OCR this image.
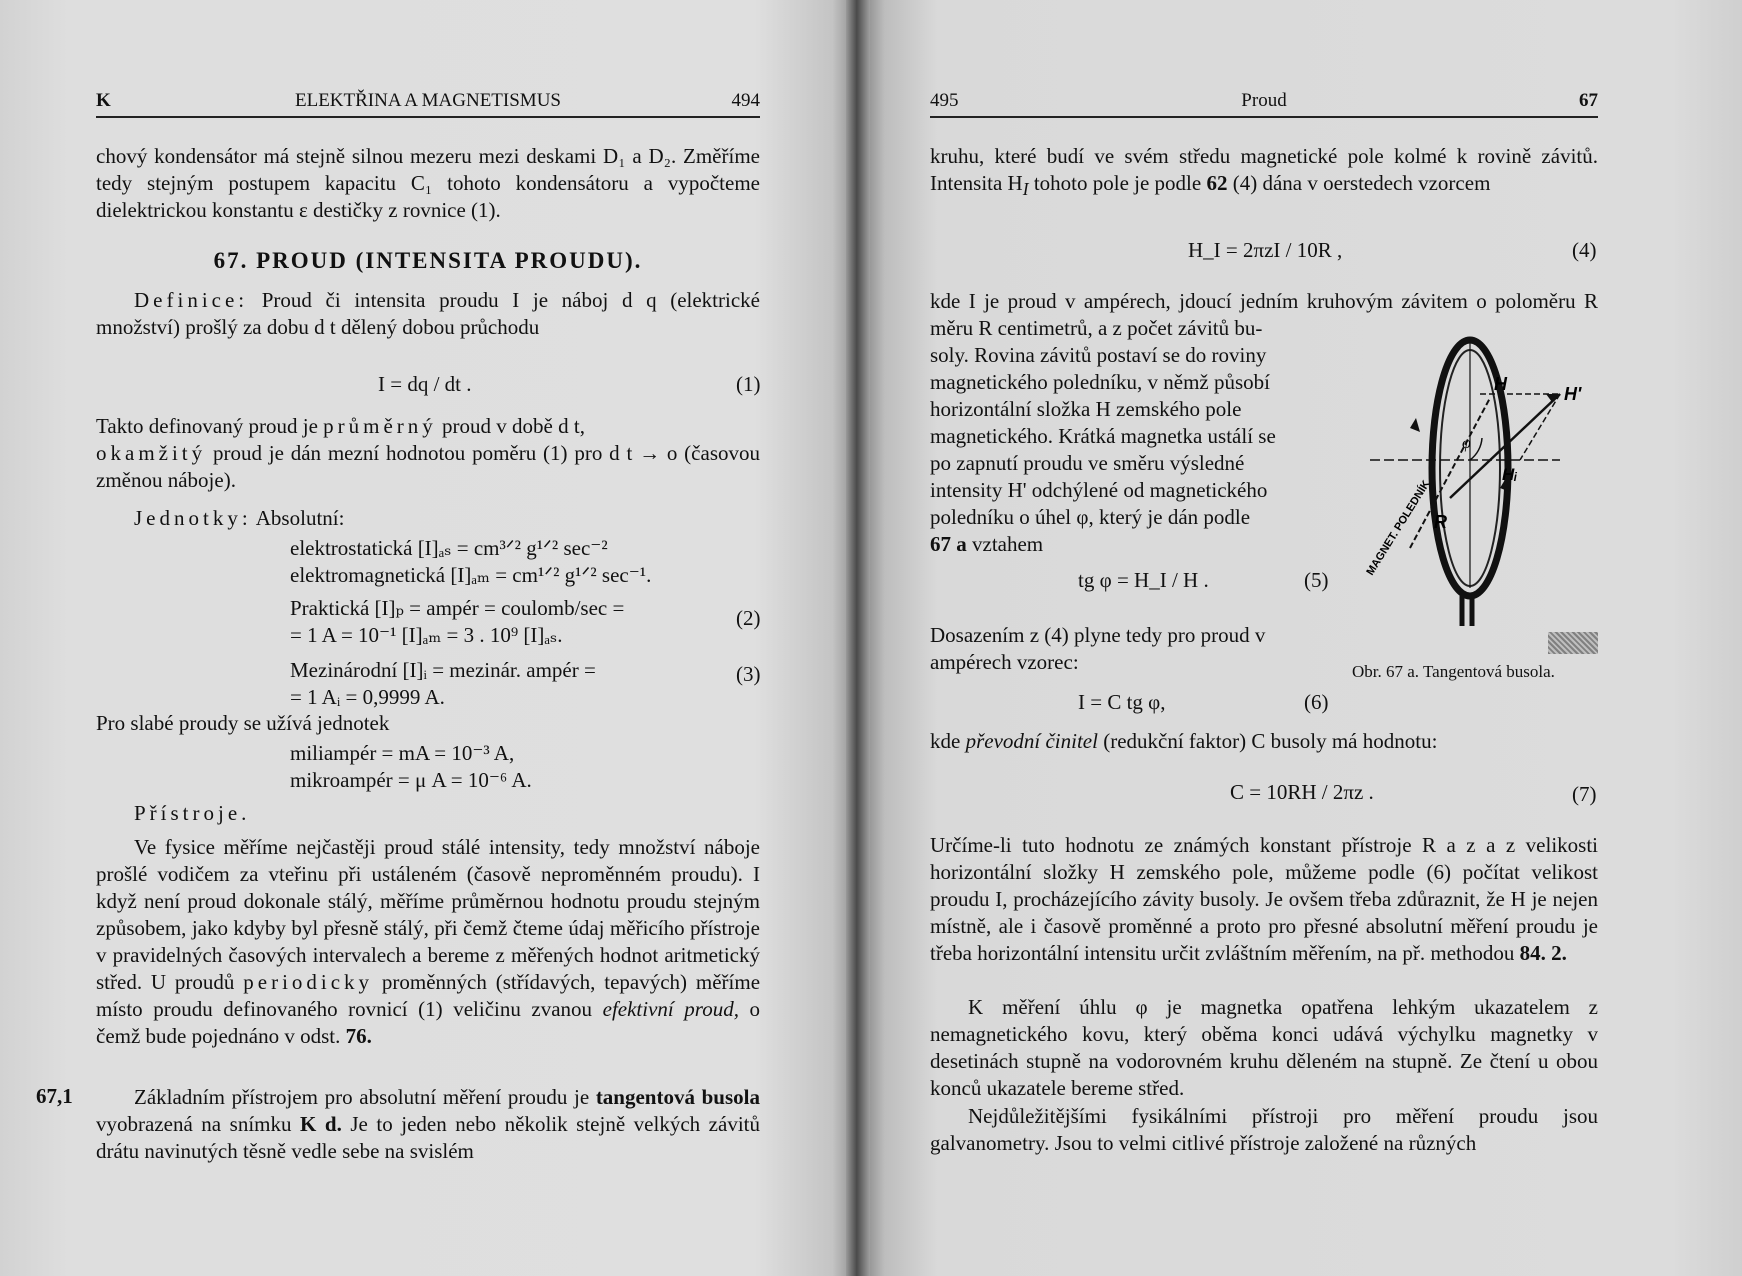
K	ELEKTŘINA A MAGNETISMUS	494

chový kondensátor má stejně silnou mezeru mezi deskami D₁ a D₂. Změříme tedy stejným postupem kapacitu C₁ tohoto kondensátoru a vypočteme dielektrickou konstantu ε destičky z rovnice (1).

67. PROUD (INTENSITA PROUDU).

Definice: Proud či intensita proudu I je náboj d q (elektrické množství) prošlý za dobu d t dělený dobou průchodu

I = dq / dt .	(1)

Takto definovaný proud je průměrný proud v době d t,
okamžitý proud je dán mezní hodnotou poměru (1) pro d t → o (časovou změnou náboje).

Jednotky: Absolutní:

elektrostatická [I]ₐₛ = cm³ᐟ² g¹ᐟ² sec⁻²

elektromagnetická [I]ₐₘ = cm¹ᐟ² g¹ᐟ² sec⁻¹.

Praktická [I]ₚ = ampér = coulomb/sec =

= 1 A = 10⁻¹ [I]ₐₘ = 3 . 10⁹ [I]ₐₛ.

Mezinárodní [I]ᵢ = mezinár. ampér =

= 1 Aᵢ = 0,9999 A.

(2)
(3)
Pro slabé proudy se užívá jednotek

miliampér = mA = 10⁻³ A,

mikroampér = μ A = 10⁻⁶ A.

Přístroje.

Ve fysice měříme nejčastěji proud stálé intensity, tedy množství náboje prošlé vodičem za vteřinu při ustáleném (časově neproměnném proudu). I když není proud dokonale stálý, měříme průměrnou hodnotu proudu stejným způsobem, jako kdyby byl přesně stálý, při čemž čteme údaj měřicího přístroje v pravidelných časových intervalech a bereme z měřených hodnot aritmetický střed. U proudů periodicky proměnných (střídavých, tepavých) měříme místo proudu definovaného rovnicí (1) veličinu zvanou efektivní proud, o čemž bude pojednáno v odst. 76.

67,1	Základním přístrojem pro absolutní měření proudu je tangentová busola vyobrazená na snímku K d. Je to jeden nebo několik stejně velkých závitů drátu navinutých těsně vedle sebe na svislém

495	Proud	67

kruhu, které budí ve svém středu magnetické pole kolmé k rovině závitů. Intensita $H_I$ tohoto pole je podle 62 (4) dána v oerstedech vzorcem

H_I = 2πzI / 10R ,	(4)

kde I je proud v ampérech, jdoucí jedním kruhovým závitem o poloměru R

měru R centimetrů, a z počet závitů bu-
soly. Rovina závitů postaví se do roviny
magnetického poledníku, v němž působí
horizontální složka H zemského pole
magnetického. Krátká magnetka ustálí se
po zapnutí proudu ve směru výsledné
intensity H' odchýlené od magnetického
poledníku o úhel φ, který je dán podle
67 a vztahem

tg φ = H_I / H .	(5)
Dosazením z (4) plyne tedy pro proud v ampérech vzorec:
I = C tg φ,	(6)

kde převodní činitel (redukční faktor) C busoly má hodnotu:

C = 10RH / 2πz .	(7)

Určíme-li tuto hodnotu ze známých konstant přístroje R a z a z velikosti horizontální složky H zemského pole, můžeme podle (6) počítat velikost proudu I, procházejícího závity busoly. Je ovšem třeba zdůraznit, že H je nejen místně, ale i časově proměnné a proto pro přesné absolutní měření proudu je třeba horizontální intensitu určit zvláštním měřením, na př. methodou 84. 2.

K měření úhlu φ je magnetka opatřena lehkým ukazatelem z nemagnetického kovu, který oběma konci udává výchylku magnetky v desetinách stupně na vodorovném kruhu děleném na stupně. Ze čtení u obou konců ukazatele bereme střed.

Nejdůležitějšími fysikálními přístroji pro měření proudu jsou galvanometry. Jsou to velmi citlivé přístroje založené na různých

H	H'
Hᵢ
R
φ
MAGNET. POLEDNÍK
Obr. 67 a. Tangentová busola.
